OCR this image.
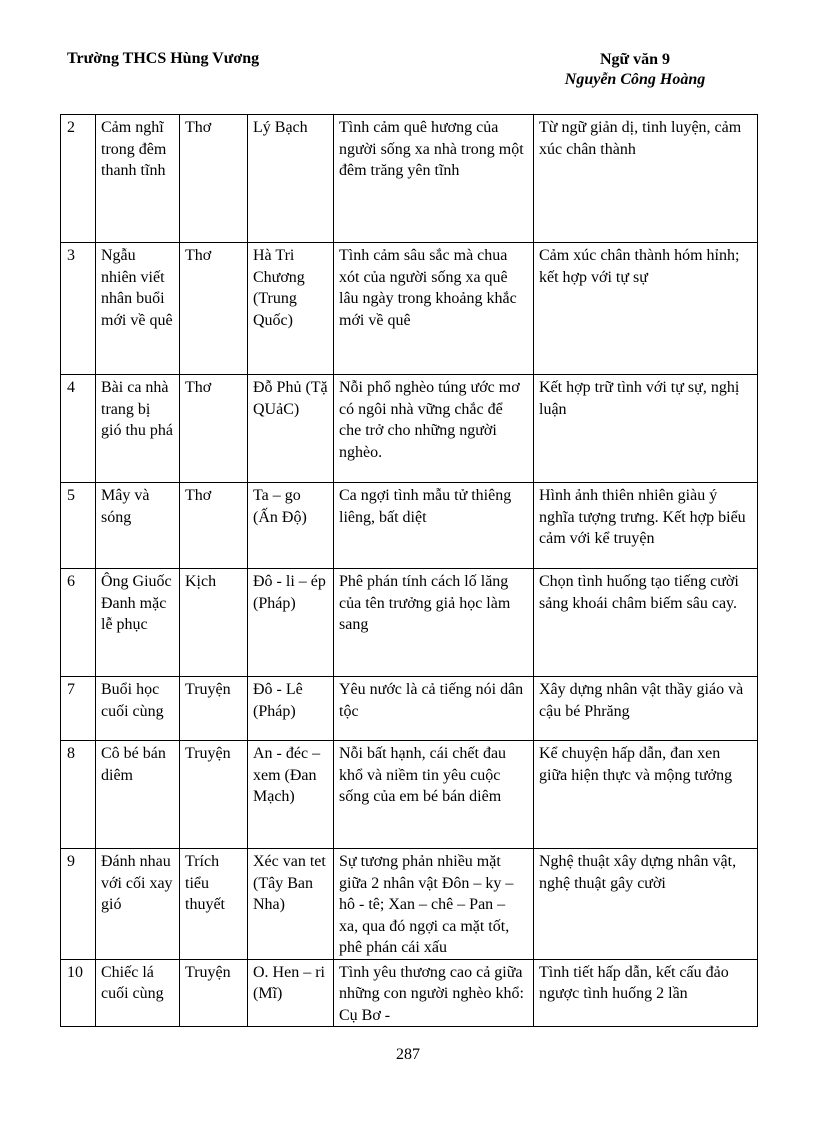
Trường THCS Hùng Vương	Ngữ văn 9
Nguyễn Công Hoàng
2	Cảm nghĩ trong đêm thanh tĩnh	Thơ	Lý Bạch	Tình cảm quê hương của người sống xa nhà trong một đêm trăng yên tĩnh	Từ ngữ giản dị, tinh luyện, cảm xúc chân thành
3	Ngẫu nhiên viết nhân buổi mới về quê	Thơ	Hà Tri Chương (Trung Quốc)	Tình cảm sâu sắc mà chua xót của người sống xa quê lâu ngày trong khoảng khắc mới về quê	Cảm xúc chân thành hóm hỉnh; kết hợp với tự sự
4	Bài ca nhà trang bị gió thu phá	Thơ	Đỗ Phủ (Tặ QUảC)	Nỗi phổ nghèo túng ước mơ có ngôi nhà vững chắc để che trở cho những người nghèo.	Kết hợp trữ tình với tự sự, nghị luận
5	Mây và sóng	Thơ	Ta – go (Ấn Độ)	Ca ngợi tình mẫu tử thiêng liêng, bất diệt	Hình ảnh thiên nhiên giàu ý nghĩa tượng trưng. Kết hợp biểu cảm với kể truyện
6	Ông Giuốc Đanh mặc lễ phục	Kịch	Đô - li – ép (Pháp)	Phê phán tính cách lố lăng của tên trưởng giả học làm sang	Chọn tình huống tạo tiếng cười sảng khoái châm biếm sâu cay.
7	Buổi học cuối cùng	Truyện	Đô - Lê (Pháp)	Yêu nước là cả tiếng nói dân tộc	Xây dựng nhân vật thầy giáo và cậu bé Phrăng
8	Cô bé bán diêm	Truyện	An - đéc – xem (Đan Mạch)	Nỗi bất hạnh, cái chết đau khổ và niềm tin yêu cuộc sống của em bé bán diêm	Kể chuyện hấp dẫn, đan xen giữa hiện thực và mộng tưởng
9	Đánh nhau với cối xay gió	Trích tiểu thuyết	Xéc van tet (Tây Ban Nha)	Sự tương phản nhiều mặt giữa 2 nhân vật Đôn – ky – hô - tê; Xan – chê – Pan – xa, qua đó ngợi ca mặt tốt, phê phán cái xấu	Nghệ thuật xây dựng nhân vật, nghệ thuật gây cười
10	Chiếc lá cuối cùng	Truyện	O. Hen – ri (Mĩ)	Tình yêu thương cao cả giữa những con người nghèo khổ: Cụ Bơ -	Tình tiết hấp dẫn, kết cấu đảo ngược tình huống 2 lần
287
